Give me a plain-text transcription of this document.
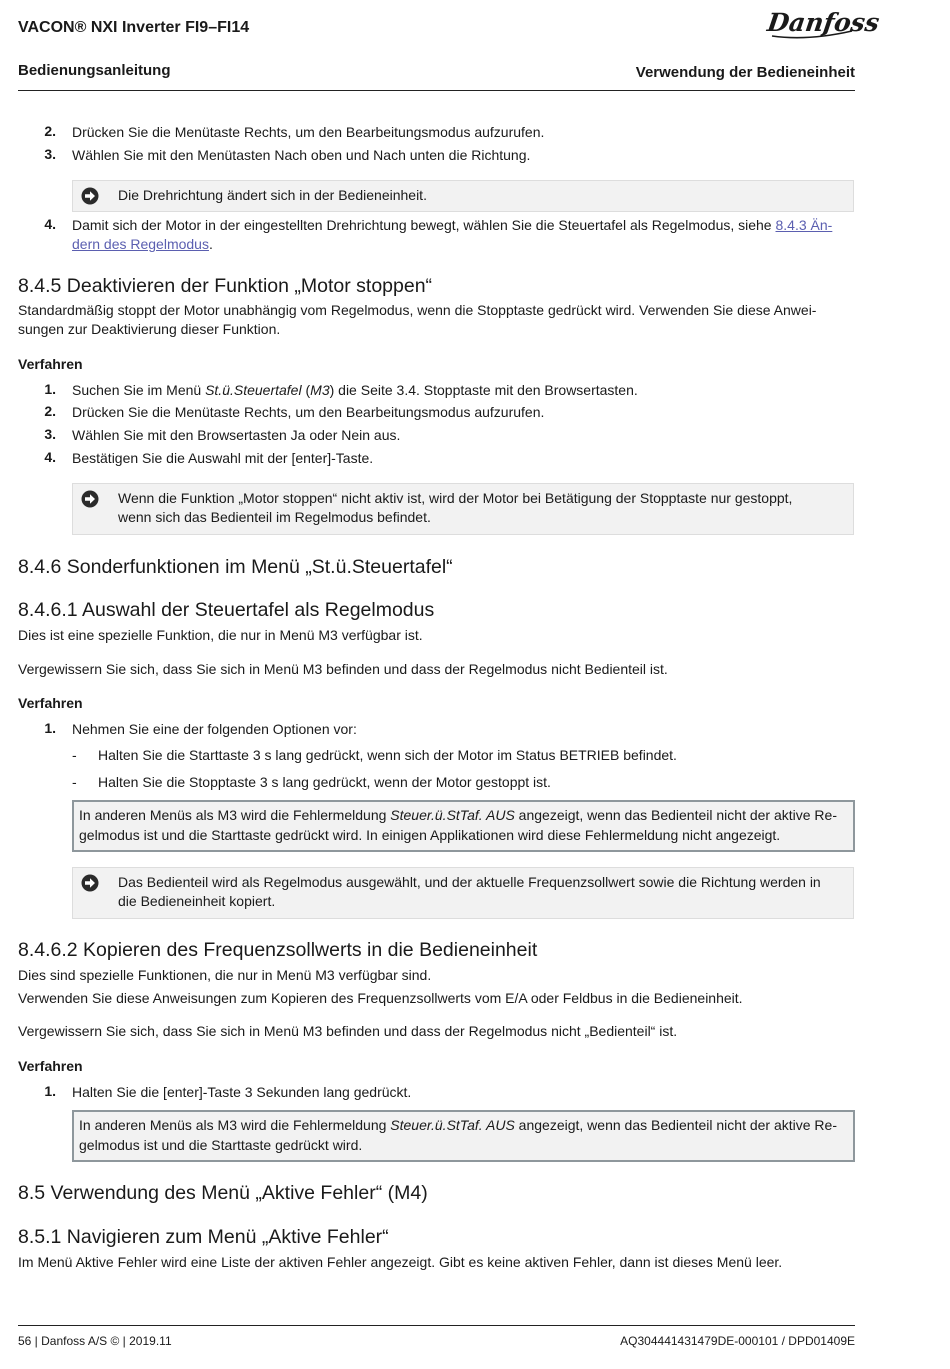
VACON® NXI Inverter FI9–FI14	Danfoss
Bedienungsanleitung	Verwendung der Bedieneinheit
2. Drücken Sie die Menütaste Rechts, um den Bearbeitungsmodus aufzurufen.
3. Wählen Sie mit den Menütasten Nach oben und Nach unten die Richtung.
Die Drehrichtung ändert sich in der Bedieneinheit.
4. Damit sich der Motor in der eingestellten Drehrichtung bewegt, wählen Sie die Steuertafel als Regelmodus, siehe 8.4.3 Än-
dern des Regelmodus.
8.4.5 Deaktivieren der Funktion „Motor stoppen“
Standardmäßig stoppt der Motor unabhängig vom Regelmodus, wenn die Stopptaste gedrückt wird. Verwenden Sie diese Anwei-
sungen zur Deaktivierung dieser Funktion.
Verfahren
1. Suchen Sie im Menü St.ü.Steuertafel (M3) die Seite 3.4. Stopptaste mit den Browsertasten.
2. Drücken Sie die Menütaste Rechts, um den Bearbeitungsmodus aufzurufen.
3. Wählen Sie mit den Browsertasten Ja oder Nein aus.
4. Bestätigen Sie die Auswahl mit der [enter]-Taste.
Wenn die Funktion „Motor stoppen“ nicht aktiv ist, wird der Motor bei Betätigung der Stopptaste nur gestoppt,
wenn sich das Bedienteil im Regelmodus befindet.
8.4.6 Sonderfunktionen im Menü „St.ü.Steuertafel“
8.4.6.1 Auswahl der Steuertafel als Regelmodus
Dies ist eine spezielle Funktion, die nur in Menü M3 verfügbar ist.
Vergewissern Sie sich, dass Sie sich in Menü M3 befinden und dass der Regelmodus nicht Bedienteil ist.
Verfahren
1. Nehmen Sie eine der folgenden Optionen vor:
- Halten Sie die Starttaste 3 s lang gedrückt, wenn sich der Motor im Status BETRIEB befindet.
- Halten Sie die Stopptaste 3 s lang gedrückt, wenn der Motor gestoppt ist.
In anderen Menüs als M3 wird die Fehlermeldung Steuer.ü.StTaf. AUS angezeigt, wenn das Bedienteil nicht der aktive Re-
gelmodus ist und die Starttaste gedrückt wird. In einigen Applikationen wird diese Fehlermeldung nicht angezeigt.
Das Bedienteil wird als Regelmodus ausgewählt, und der aktuelle Frequenzsollwert sowie die Richtung werden in
die Bedieneinheit kopiert.
8.4.6.2 Kopieren des Frequenzsollwerts in die Bedieneinheit
Dies sind spezielle Funktionen, die nur in Menü M3 verfügbar sind.
Verwenden Sie diese Anweisungen zum Kopieren des Frequenzsollwerts vom E/A oder Feldbus in die Bedieneinheit.
Vergewissern Sie sich, dass Sie sich in Menü M3 befinden und dass der Regelmodus nicht „Bedienteil“ ist.
Verfahren
1. Halten Sie die [enter]-Taste 3 Sekunden lang gedrückt.
In anderen Menüs als M3 wird die Fehlermeldung Steuer.ü.StTaf. AUS angezeigt, wenn das Bedienteil nicht der aktive Re-
gelmodus ist und die Starttaste gedrückt wird.
8.5 Verwendung des Menü „Aktive Fehler“ (M4)
8.5.1 Navigieren zum Menü „Aktive Fehler“
Im Menü Aktive Fehler wird eine Liste der aktiven Fehler angezeigt. Gibt es keine aktiven Fehler, dann ist dieses Menü leer.
56 | Danfoss A/S © | 2019.11	AQ304441431479DE-000101 / DPD01409E
